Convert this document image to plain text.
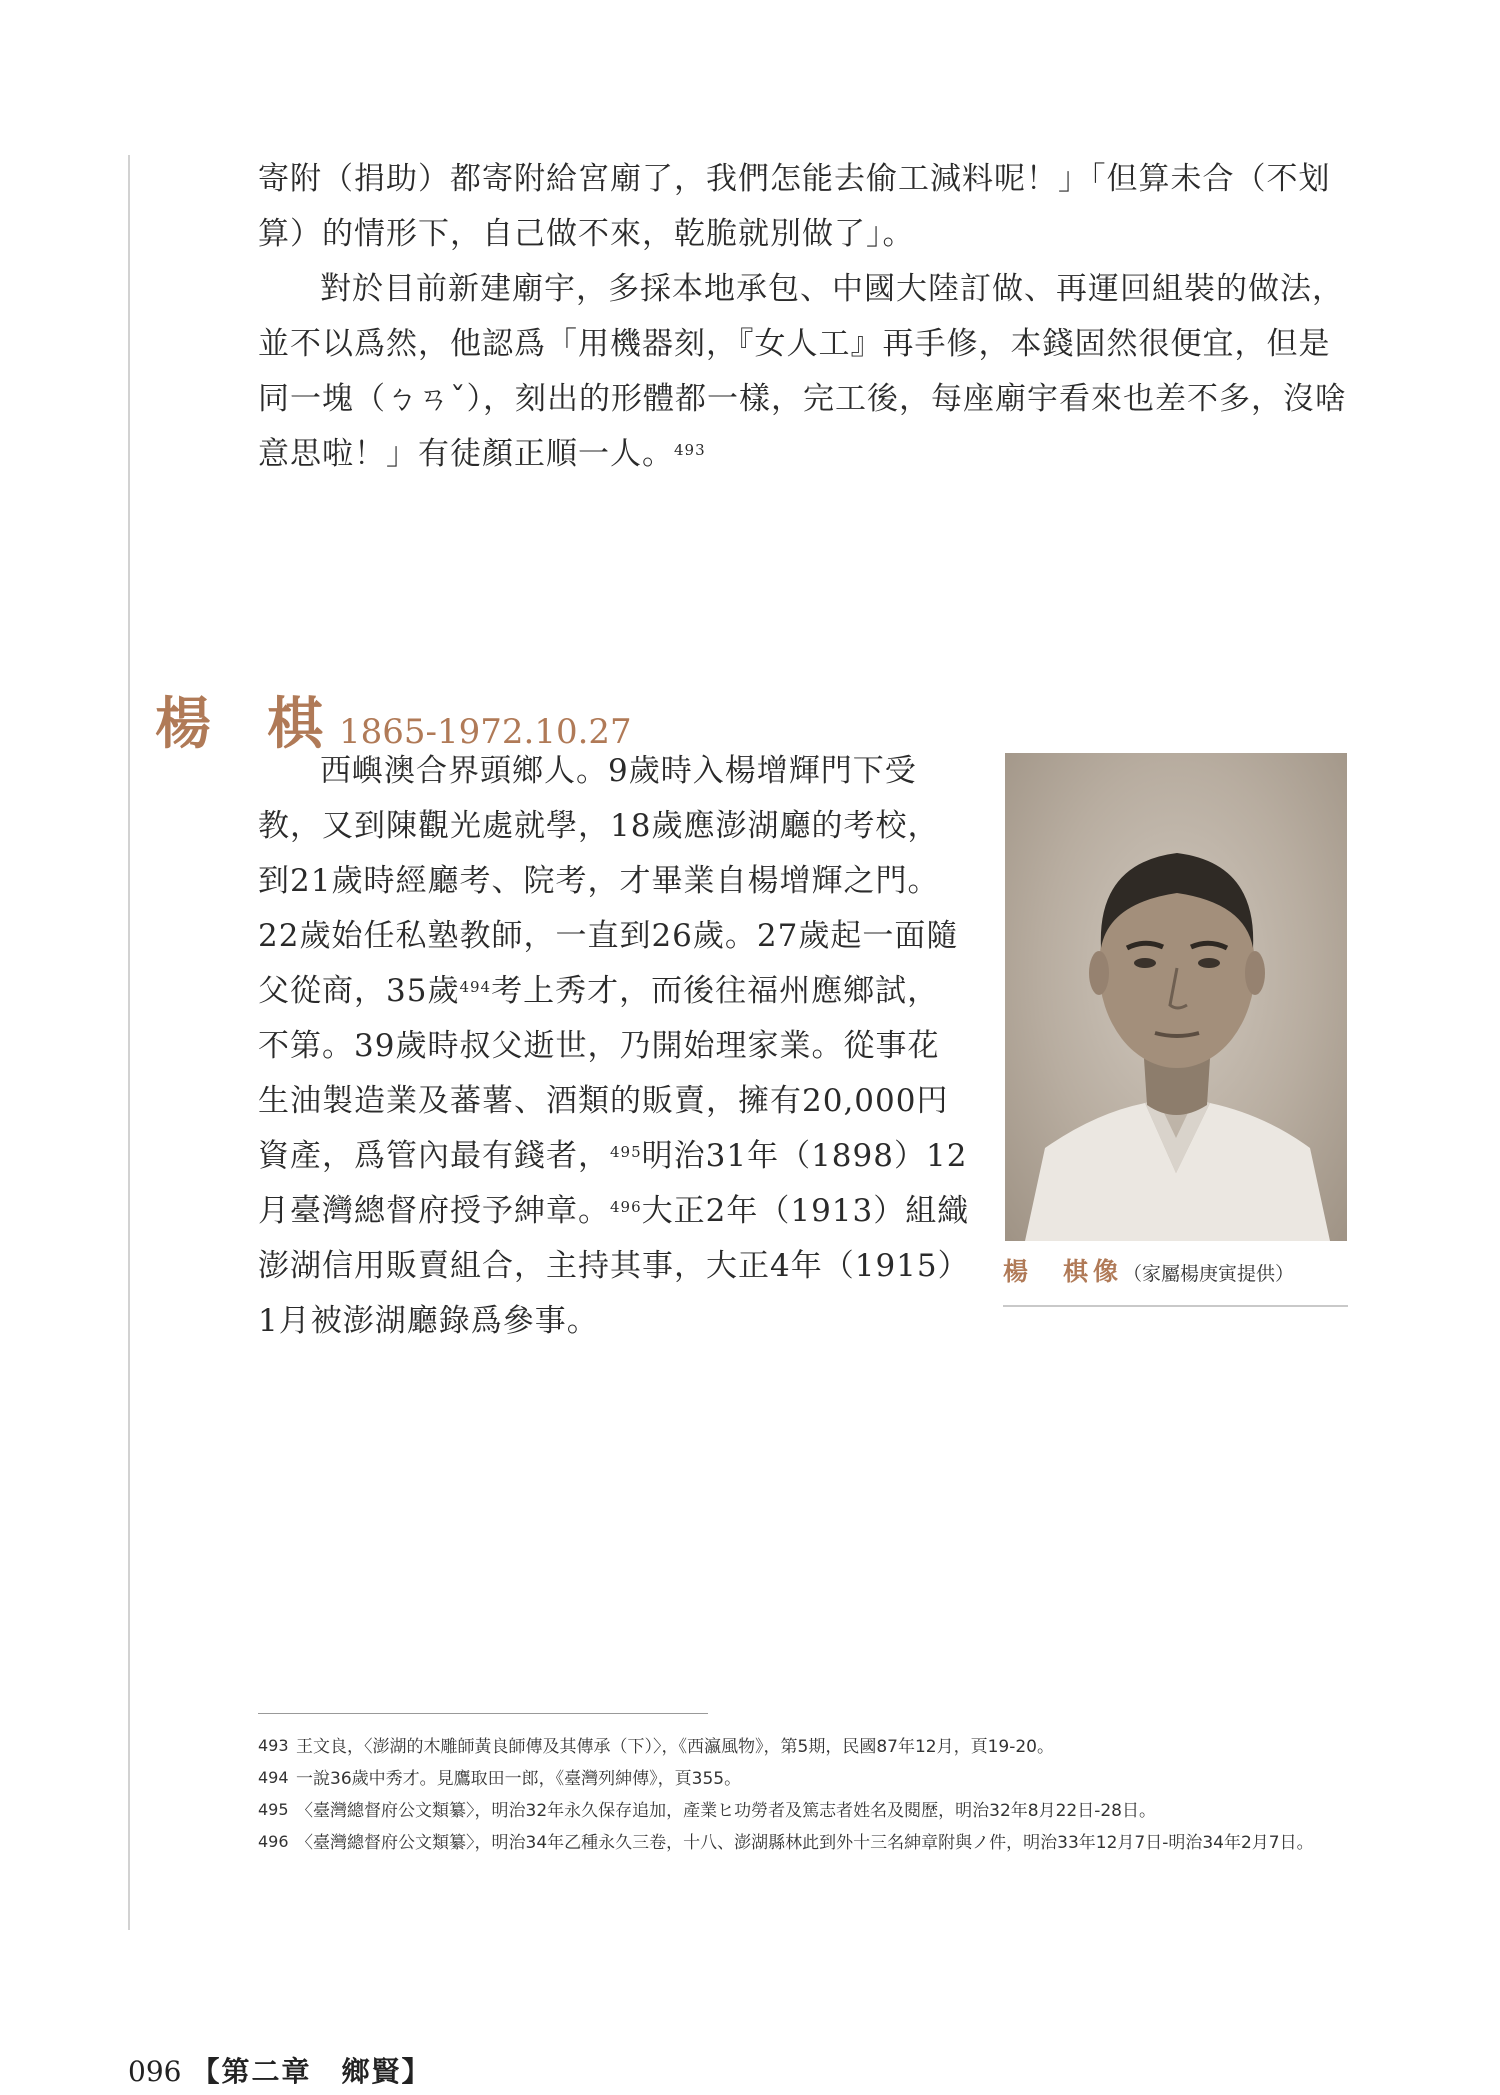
寄附（捐助）都寄附給宮廟了，我們怎能去偷工減料呢！」「但算未合（不划算）的情形下，自己做不來，乾脆就別做了」。

對於目前新建廟宇，多採本地承包、中國大陸訂做、再運回組裝的做法，並不以爲然，他認爲「用機器刻，『女人工』再手修，本錢固然很便宜，但是同一塊（ㄅㄢˇ），刻出的形體都一樣，完工後，每座廟宇看來也差不多，沒啥意思啦！」有徒顏正順一人。$^{493}$

楊 棋 1865-1972.10.27

西嶼澳合界頭鄉人。9歲時入楊增輝門下受教，又到陳觀光處就學，18歲應澎湖廳的考校，到21歲時經廳考、院考，才畢業自楊增輝之門。22歲始任私塾教師，一直到26歲。27歲起一面隨父從商，35歲$^{494}$考上秀才，而後往福州應鄉試，不第。39歲時叔父逝世，乃開始理家業。從事花生油製造業及蕃薯、酒類的販賣，擁有20,000円資產，爲管內最有錢者，$^{495}$明治31年（1898）12月臺灣總督府授予紳章。$^{496}$大正2年（1913）組織澎湖信用販賣組合，主持其事，大正4年（1915）1月被澎湖廳錄爲參事。

楊　棋像（家屬楊庚寅提供）
493 王文良，〈澎湖的木雕師黃良師傳及其傳承（下）〉，《西瀛風物》，第5期，民國87年12月，頁19-20。
494 一說36歲中秀才。見鷹取田一郎，《臺灣列紳傳》，頁355。
495 〈臺灣總督府公文類纂〉，明治32年永久保存追加，產業ヒ功勞者及篤志者姓名及閱歷，明治32年8月22日-28日。
496 〈臺灣總督府公文類纂〉，明治34年乙種永久三卷，十八、澎湖縣林此到外十三名紳章附與ノ件，明治33年12月7日-明治34年2月7日。
096 【第二章　鄉賢】
